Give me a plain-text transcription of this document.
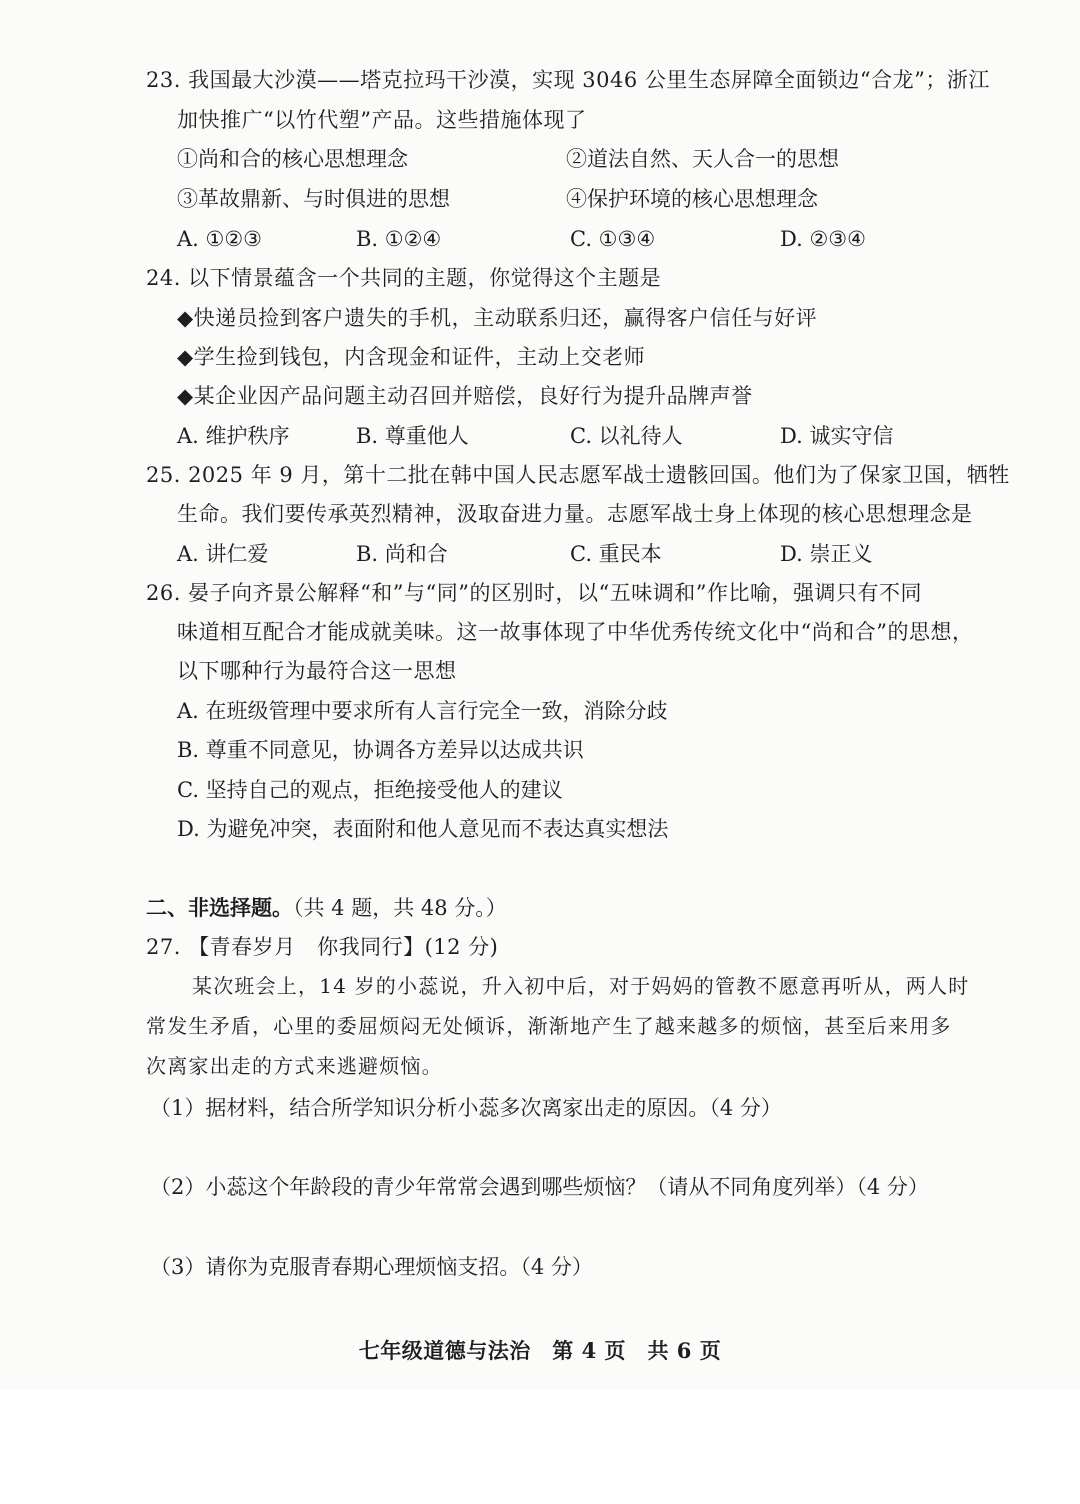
23. 我国最大沙漠——塔克拉玛干沙漠，实现 3046 公里生态屏障全面锁边“合龙”；浙江
加快推广“以竹代塑”产品。这些措施体现了
①尚和合的核心思想理念	②道法自然、天人合一的思想
③革故鼎新、与时俱进的思想	④保护环境的核心思想理念
A. ①②③	B. ①②④	C. ①③④	D. ②③④
24. 以下情景蕴含一个共同的主题，你觉得这个主题是
◆快递员捡到客户遗失的手机，主动联系归还，赢得客户信任与好评
◆学生捡到钱包，内含现金和证件，主动上交老师
◆某企业因产品问题主动召回并赔偿，良好行为提升品牌声誉
A. 维护秩序	B. 尊重他人	C. 以礼待人	D. 诚实守信
25. 2025 年 9 月，第十二批在韩中国人民志愿军战士遗骸回国。他们为了保家卫国，牺牲
生命。我们要传承英烈精神，汲取奋进力量。志愿军战士身上体现的核心思想理念是
A. 讲仁爱	B. 尚和合	C. 重民本	D. 崇正义
26. 晏子向齐景公解释“和”与“同”的区别时，以“五味调和”作比喻，强调只有不同
味道相互配合才能成就美味。这一故事体现了中华优秀传统文化中“尚和合”的思想，
以下哪种行为最符合这一思想
A. 在班级管理中要求所有人言行完全一致，消除分歧
B. 尊重不同意见，协调各方差异以达成共识
C. 坚持自己的观点，拒绝接受他人的建议
D. 为避免冲突，表面附和他人意见而不表达真实想法
二、非选择题。（共 4 题，共 48 分。）
27. 【青春岁月　你我同行】(12 分)
某次班会上，14 岁的小蕊说，升入初中后，对于妈妈的管教不愿意再听从，两人时
常发生矛盾，心里的委屈烦闷无处倾诉，渐渐地产生了越来越多的烦恼，甚至后来用多
次离家出走的方式来逃避烦恼。
（1）据材料，结合所学知识分析小蕊多次离家出走的原因。（4 分）
（2）小蕊这个年龄段的青少年常常会遇到哪些烦恼？（请从不同角度列举）（4 分）
（3）请你为克服青春期心理烦恼支招。（4 分）
七年级道德与法治　第 4 页　共 6 页
